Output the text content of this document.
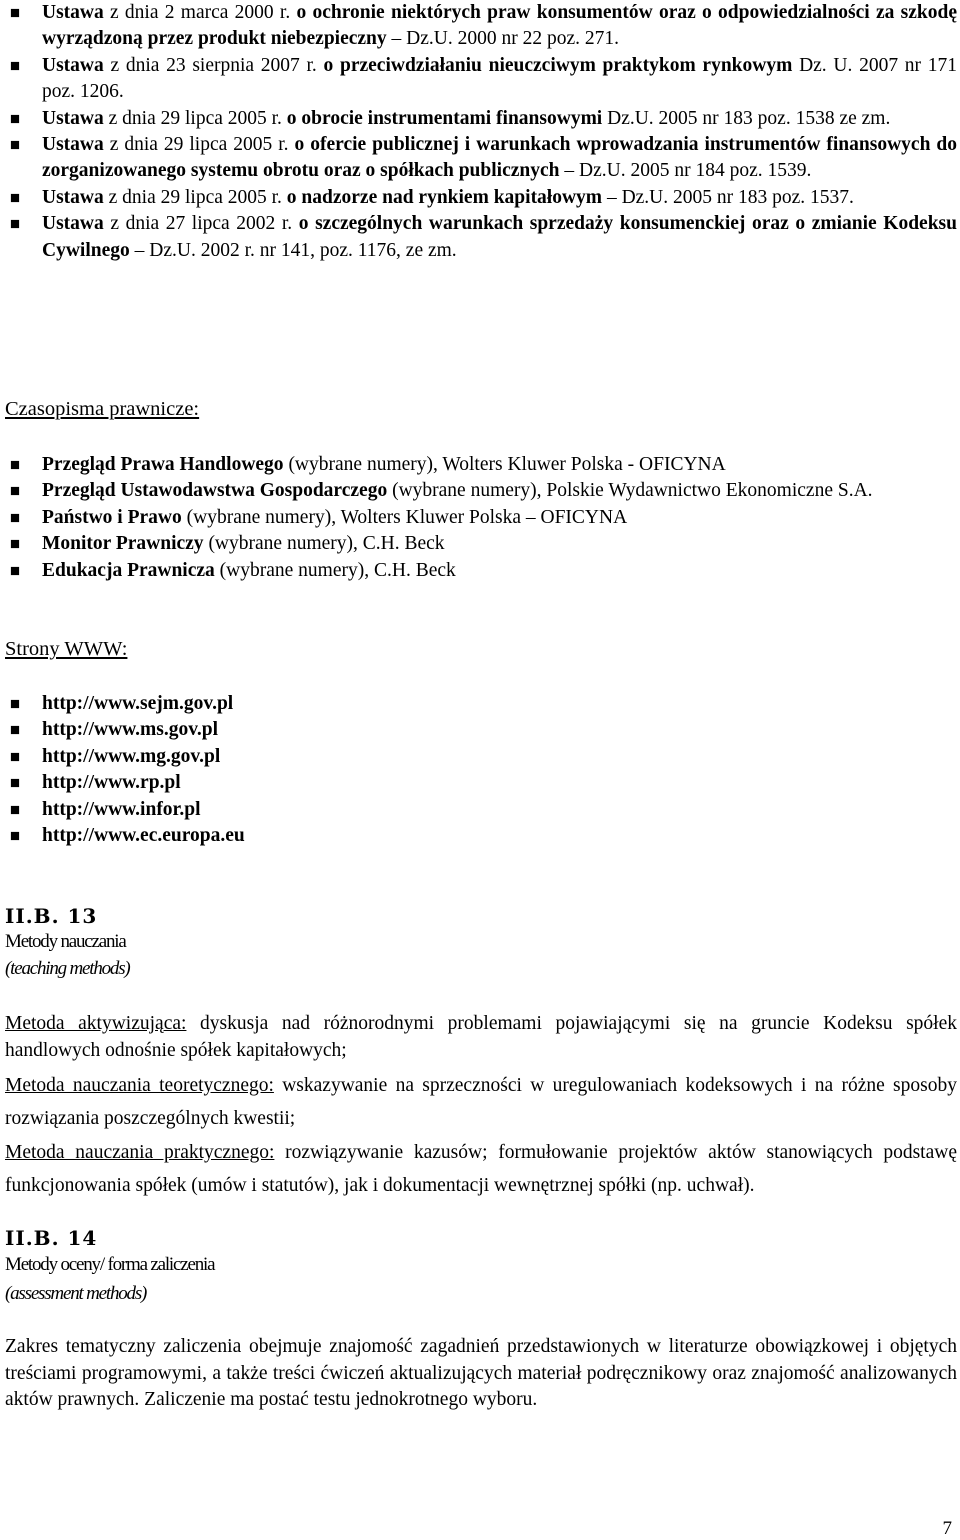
Ustawa z dnia 2 marca 2000 r. o ochronie niektórych praw konsumentów oraz o odpowiedzialności za szkodę wyrządzoną przez produkt niebezpieczny – Dz.U. 2000 nr 22 poz. 271.
Ustawa z dnia 23 sierpnia 2007 r. o przeciwdziałaniu nieuczciwym praktykom rynkowym Dz. U. 2007 nr 171 poz. 1206.
Ustawa z dnia 29 lipca 2005 r. o obrocie instrumentami finansowymi Dz.U. 2005 nr 183 poz. 1538 ze zm.
Ustawa z dnia 29 lipca 2005 r. o ofercie publicznej i warunkach wprowadzania instrumentów finansowych do zorganizowanego systemu obrotu oraz o spółkach publicznych – Dz.U. 2005 nr 184 poz. 1539.
Ustawa z dnia 29 lipca 2005 r. o nadzorze nad rynkiem kapitałowym – Dz.U. 2005 nr 183 poz. 1537.
Ustawa z dnia 27 lipca 2002 r. o szczególnych warunkach sprzedaży konsumenckiej oraz o zmianie Kodeksu Cywilnego – Dz.U. 2002 r. nr 141, poz. 1176, ze zm.
Czasopisma prawnicze:
Przegląd Prawa Handlowego (wybrane numery), Wolters Kluwer Polska - OFICYNA
Przegląd Ustawodawstwa Gospodarczego (wybrane numery), Polskie Wydawnictwo Ekonomiczne S.A.
Państwo i Prawo (wybrane numery), Wolters Kluwer Polska – OFICYNA
Monitor Prawniczy (wybrane numery), C.H. Beck
Edukacja Prawnicza (wybrane numery), C.H. Beck
Strony WWW:
http://www.sejm.gov.pl
http://www.ms.gov.pl
http://www.mg.gov.pl
http://www.rp.pl
http://www.infor.pl
http://www.ec.europa.eu
II.B. 13
Metody nauczania
(teaching methods)
Metoda aktywizująca: dyskusja nad różnorodnymi problemami pojawiającymi się na gruncie Kodeksu spółek handlowych odnośnie spółek kapitałowych;
Metoda nauczania teoretycznego: wskazywanie na sprzeczności w uregulowaniach kodeksowych i na różne sposoby rozwiązania poszczególnych kwestii;
Metoda nauczania praktycznego: rozwiązywanie kazusów; formułowanie projektów aktów stanowiących podstawę funkcjonowania spółek (umów i statutów), jak i dokumentacji wewnętrznej spółki (np. uchwał).
II.B. 14
Metody oceny/ forma zaliczenia
(assessment methods)
Zakres tematyczny zaliczenia obejmuje znajomość zagadnień przedstawionych w literaturze obowiązkowej i objętych treściami programowymi, a także treści ćwiczeń aktualizujących materiał podręcznikowy oraz znajomość analizowanych aktów prawnych. Zaliczenie ma postać testu jednokrotnego wyboru.
7
